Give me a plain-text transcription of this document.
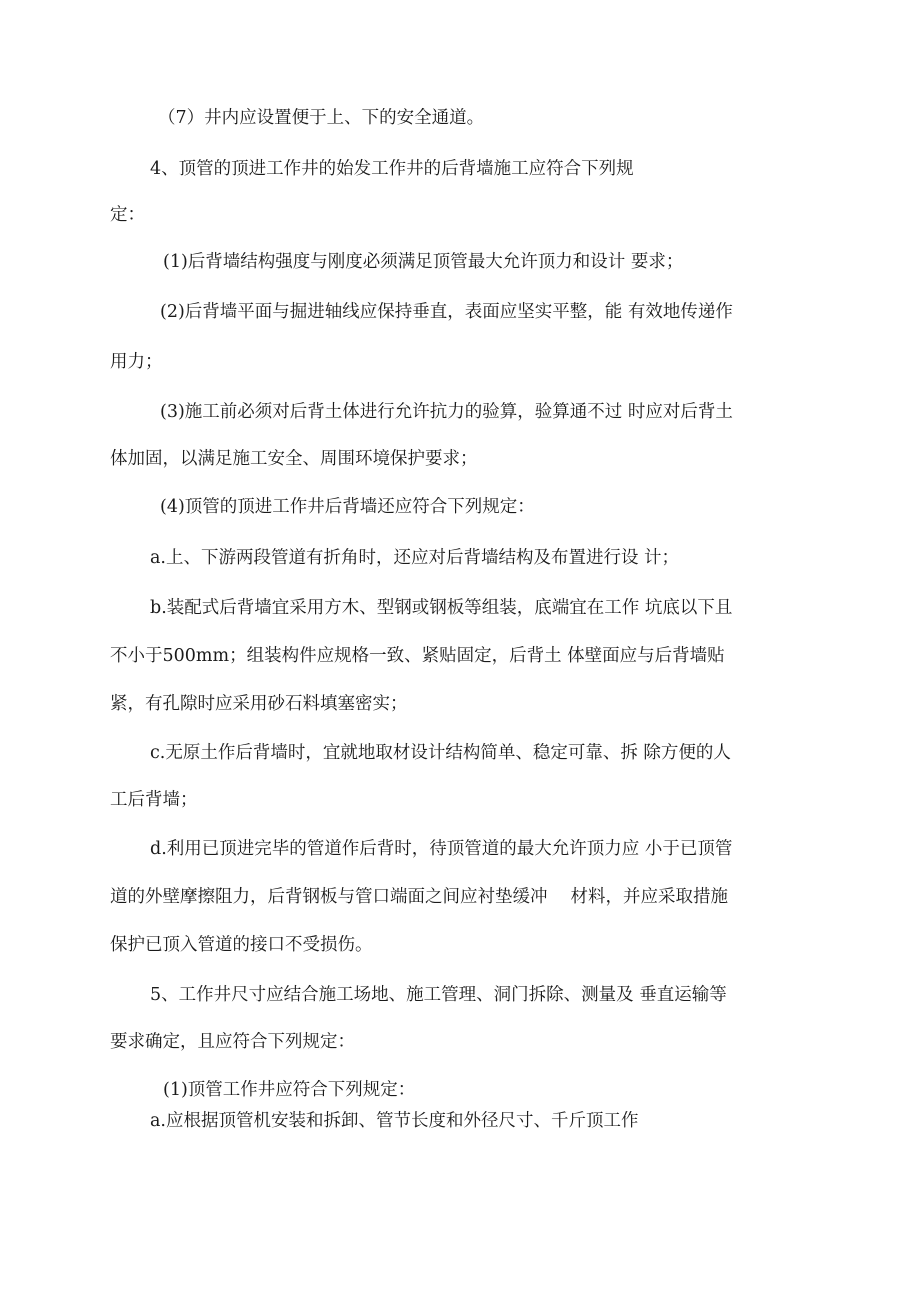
（7）井内应设置便于上、下的安全通道。
4、顶管的顶进工作井的始发工作井的后背墙施工应符合下列规
定：
(1)后背墙结构强度与刚度必须满足顶管最大允许顶力和设计 要求；
(2)后背墙平面与掘进轴线应保持垂直，表面应坚实平整，能 有效地传递作
用力；
(3)施工前必须对后背土体进行允许抗力的验算，验算通不过 时应对后背土
体加固，以满足施工安全、周围环境保护要求；
(4)顶管的顶进工作井后背墙还应符合下列规定：
a.上、下游两段管道有折角时，还应对后背墙结构及布置进行设 计；
b.装配式后背墙宜采用方木、型钢或钢板等组装，底端宜在工作 坑底以下且
不小于500mm；组装构件应规格一致、紧贴固定，后背土 体壁面应与后背墙贴
紧，有孔隙时应采用砂石料填塞密实；
c.无原土作后背墙时，宜就地取材设计结构简单、稳定可靠、拆 除方便的人
工后背墙；
d.利用已顶进完毕的管道作后背时，待顶管道的最大允许顶力应 小于已顶管
道的外壁摩擦阻力，后背钢板与管口端面之间应衬垫缓冲　 材料，并应采取措施
保护已顶入管道的接口不受损伤。
5、工作井尺寸应结合施工场地、施工管理、洞门拆除、测量及 垂直运输等
要求确定，且应符合下列规定：
(1)顶管工作井应符合下列规定：
a.应根据顶管机安装和拆卸、管节长度和外径尺寸、千斤顶工作
